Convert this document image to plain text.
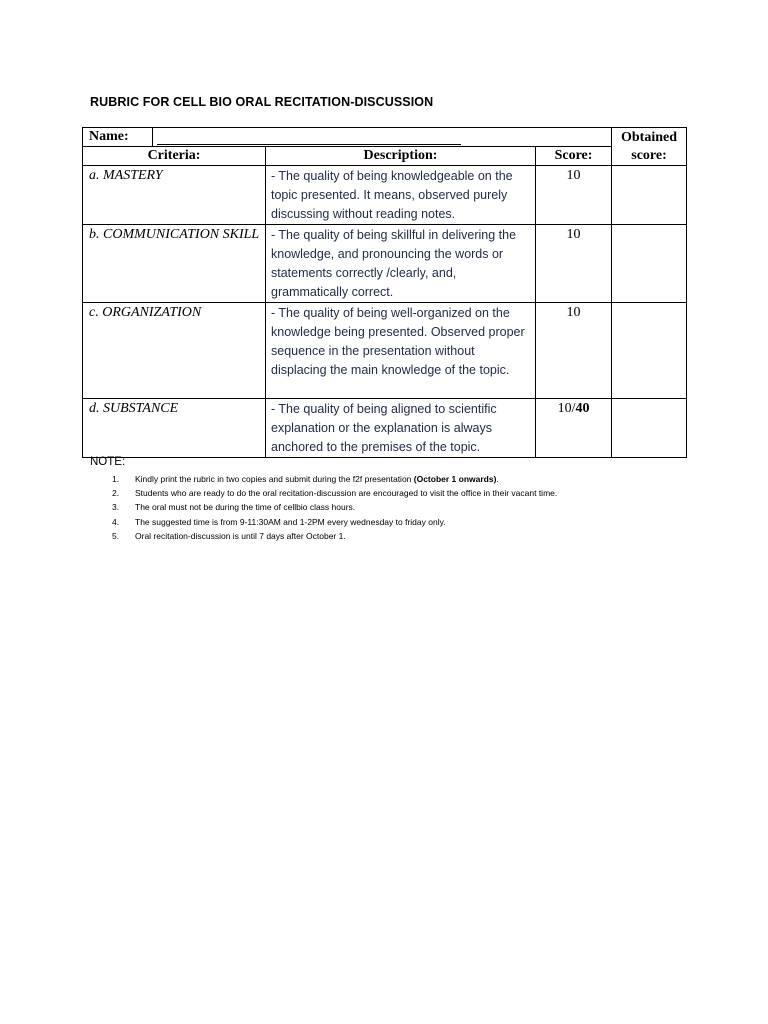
RUBRIC FOR CELL BIO ORAL RECITATION-DISCUSSION
Name:				Obtained score:
Criteria:		Description:	Score:	
a. MASTERY		- The quality of being knowledgeable on the topic presented. It means, observed purely discussing without reading notes.	10	
b. COMMUNICATION SKILL		- The quality of being skillful in delivering the knowledge, and pronouncing the words or statements correctly /clearly, and, grammatically correct.	10	
c. ORGANIZATION		- The quality of being well-organized on the knowledge being presented. Observed proper sequence in the presentation without displacing the main knowledge of the topic.	10	
d. SUBSTANCE		- The quality of being aligned to scientific explanation or the explanation is always anchored to the premises of the topic.	10/40	
NOTE:
1. Kindly print the rubric in two copies and submit during the f2f presentation (October 1 onwards).
2. Students who are ready to do the oral recitation-discussion are encouraged to visit the office in their vacant time.
3. The oral must not be during the time of cellbio class hours.
4. The suggested time is from 9-11:30AM and 1-2PM every wednesday to friday only.
5. Oral recitation-discussion is until 7 days after October 1.
